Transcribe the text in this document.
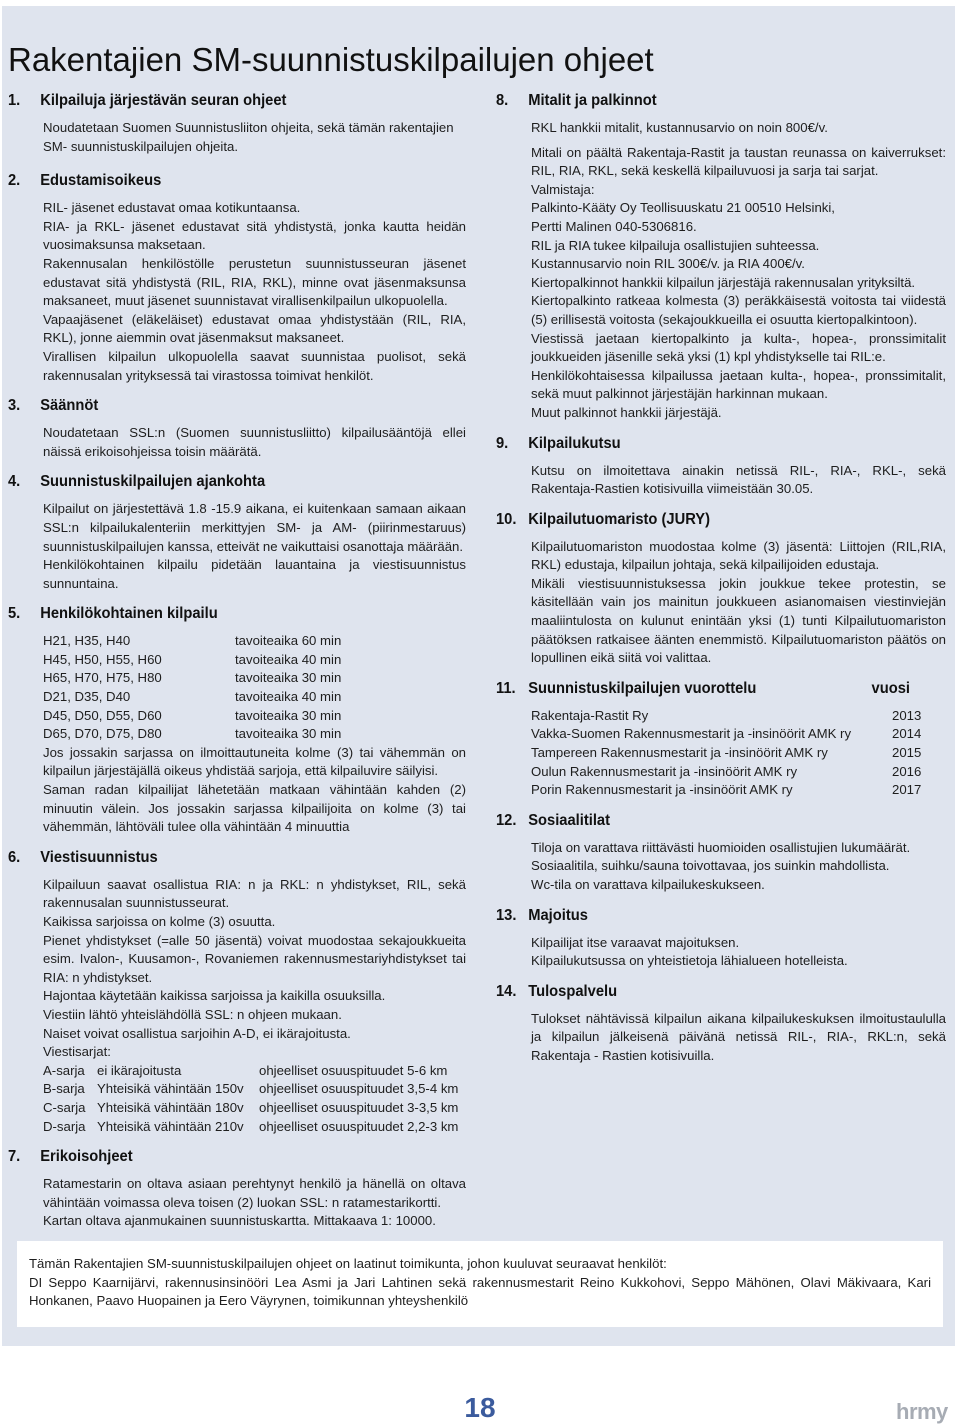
Rakentajien SM-suunnistuskilpailujen ohjeet
1.	Kilpailuja järjestävän seuran ohjeet

Noudatetaan Suomen Suunnistusliiton ohjeita, sekä tämän rakentajien SM- suunnistuskilpailujen ohjeita.

2.	Edustamisoikeus

RIL- jäsenet edustavat omaa kotikuntaansa.

RIA- ja RKL- jäsenet edustavat sitä yhdistystä, jonka kautta heidän vuosimaksunsa maksetaan.

Rakennusalan henkilöstölle perustetun suunnistusseuran jäsenet edustavat sitä yhdistystä (RIL, RIA, RKL), minne ovat jäsenmaksunsa maksaneet, muut jäsenet suunnistavat virallisenkilpailun ulkopuolella.

Vapaajäsenet (eläkeläiset) edustavat omaa yhdistystään (RIL, RIA, RKL), jonne aiemmin ovat jäsenmaksut maksaneet.

Virallisen kilpailun ulkopuolella saavat suunnistaa puolisot, sekä rakennusalan yrityksessä tai virastossa toimivat henkilöt.

3.	Säännöt

Noudatetaan SSL:n (Suomen suunnistusliitto) kilpailusääntöjä ellei näissä erikoisohjeissa toisin määrätä.

4.	Suunnistuskilpailujen ajankohta

Kilpailut on järjestettävä 1.8 -15.9 aikana, ei kuitenkaan samaan aikaan SSL:n kilpailukalenteriin merkittyjen SM- ja AM- (piirinmestaruus) suunnistuskilpailujen kanssa, etteivät ne vaikuttaisi osanottaja määrään.

Henkilökohtainen kilpailu pidetään lauantaina ja viestisuunnistus sunnuntaina.

5.	Henkilökohtainen kilpailu
H21, H35, H40	tavoiteaika 60 min
H45, H50, H55, H60	tavoiteaika 40 min
H65, H70, H75, H80	tavoiteaika 30 min
D21, D35, D40	tavoiteaika 40 min
D45, D50, D55, D60	tavoiteaika 30 min
D65, D70, D75, D80	tavoiteaika 30 min

Jos jossakin sarjassa on ilmoittautuneita kolme (3) tai vähemmän on kilpailun järjestäjällä oikeus yhdistää sarjoja, että kilpailuvire säilyisi.

Saman radan kilpailijat lähetetään matkaan vähintään kahden (2) minuutin välein. Jos jossakin sarjassa kilpailijoita on kolme (3) tai vähemmän, lähtöväli tulee olla vähintään 4 minuuttia

6.	Viestisuunnistus

Kilpailuun saavat osallistua RIA: n ja RKL: n yhdistykset, RIL, sekä rakennusalan suunnistusseurat.

Kaikissa sarjoissa on kolme (3) osuutta.

Pienet yhdistykset (=alle 50 jäsentä) voivat muodostaa sekajoukkueita esim. Ivalon-, Kuusamon-, Rovaniemen rakennusmestariyhdistykset tai RIA: n yhdistykset.

Hajontaa käytetään kaikissa sarjoissa ja kaikilla osuuksilla.

Viestiin lähtö yhteislähdöllä SSL: n ohjeen mukaan.

Naiset voivat osallistua sarjoihin A-D, ei ikärajoitusta.

Viestisarjat:

A-sarja ei ikärajoitusta	ohjeelliset osuuspituudet 5-6 km
B-sarja Yhteisikä vähintään 150v	ohjeelliset osuuspituudet 3,5-4 km
C-sarja Yhteisikä vähintään 180v	ohjeelliset osuuspituudet 3-3,5 km
D-sarja Yhteisikä vähintään 210v	ohjeelliset osuuspituudet 2,2-3 km
7.	Erikoisohjeet

Ratamestarin on oltava asiaan perehtynyt henkilö ja hänellä on oltava vähintään voimassa oleva toisen (2) luokan SSL: n ratamestarikortti.

Kartan oltava ajanmukainen suunnistuskartta. Mittakaava 1: 10000.

8.	Mitalit ja palkinnot

RKL hankkii mitalit, kustannusarvio on noin 800€/v.

Mitali on päältä Rakentaja-Rastit ja taustan reunassa on kaiverrukset: RIL, RIA, RKL, sekä keskellä kilpailuvuosi ja sarja tai sarjat.

Valmistaja:

Palkinto-Kääty Oy Teollisuuskatu 21 00510 Helsinki,

Pertti Malinen 040-5306816.

RIL ja RIA tukee kilpailuja osallistujien suhteessa.

Kustannusarvio noin RIL 300€/v. ja RIA 400€/v.

Kiertopalkinnot hankkii kilpailun järjestäjä rakennusalan yrityksiltä.

Kiertopalkinto ratkeaa kolmesta (3) peräkkäisestä voitosta tai viidestä (5) erillisestä voitosta (sekajoukkueilla ei osuutta kiertopalkintoon).

Viestissä jaetaan kiertopalkinto ja kulta-, hopea-, pronssimitalit joukkueiden jäsenille sekä yksi (1) kpl yhdistykselle tai RIL:e.

Henkilökohtaisessa kilpailussa jaetaan kulta-, hopea-, pronssimitalit, sekä muut palkinnot järjestäjän harkinnan mukaan.

Muut palkinnot hankkii järjestäjä.

9.	Kilpailukutsu

Kutsu on ilmoitettava ainakin netissä RIL-, RIA-, RKL-, sekä Rakentaja-Rastien kotisivuilla viimeistään 30.05.

10. Kilpailutuomaristo (JURY)

Kilpailutuomariston muodostaa kolme (3) jäsentä: Liittojen (RIL,RIA, RKL) edustaja, kilpailun johtaja, sekä kilpailijoiden edustaja.

Mikäli viestisuunnistuksessa jokin joukkue tekee protestin, se käsitellään vain jos mainitun joukkueen asianomaisen viestinviejän maaliintulosta on kulunut enintään yksi (1) tunti Kilpailutuomariston päätöksen ratkaisee äänten enemmistö. Kilpailutuomariston päätös on lopullinen eikä siitä voi valittaa.

11. Suunnistuskilpailujen vuorottelu	vuosi
Rakentaja-Rastit Ry	2013
Vakka-Suomen Rakennusmestarit ja -insinöörit AMK ry	2014
Tampereen Rakennusmestarit ja -insinöörit AMK ry	2015
Oulun Rakennusmestarit ja -insinöörit AMK ry	2016
Porin Rakennusmestarit ja -insinöörit AMK ry	2017
12. Sosiaalitilat

Tiloja on varattava riittävästi huomioiden osallistujien lukumäärät.

Sosiaalitila, suihku/sauna toivottavaa, jos suinkin mahdollista.

Wc-tila on varattava kilpailukeskukseen.

13. Majoitus

Kilpailijat itse varaavat majoituksen.

Kilpailukutsussa on yhteistietoja lähialueen hotelleista.

14. Tulospalvelu

Tulokset nähtävissä kilpailun aikana kilpailukeskuksen ilmoitustaululla ja kilpailun jälkeisenä päivänä netissä RIL-, RIA-, RKL:n, sekä Rakentaja - Rastien kotisivuilla.

Tämän Rakentajien SM-suunnistuskilpailujen ohjeet on laatinut toimikunta, johon kuuluvat seuraavat henkilöt:

DI Seppo Kaarnijärvi, rakennusinsinööri Lea Asmi ja Jari Lahtinen sekä rakennusmestarit Reino Kukkohovi, Seppo Mähönen, Olavi Mäkivaara, Kari Honkanen, Paavo Huopainen ja Eero Väyrynen, toimikunnan yhteyshenkilö

18	hrmy
